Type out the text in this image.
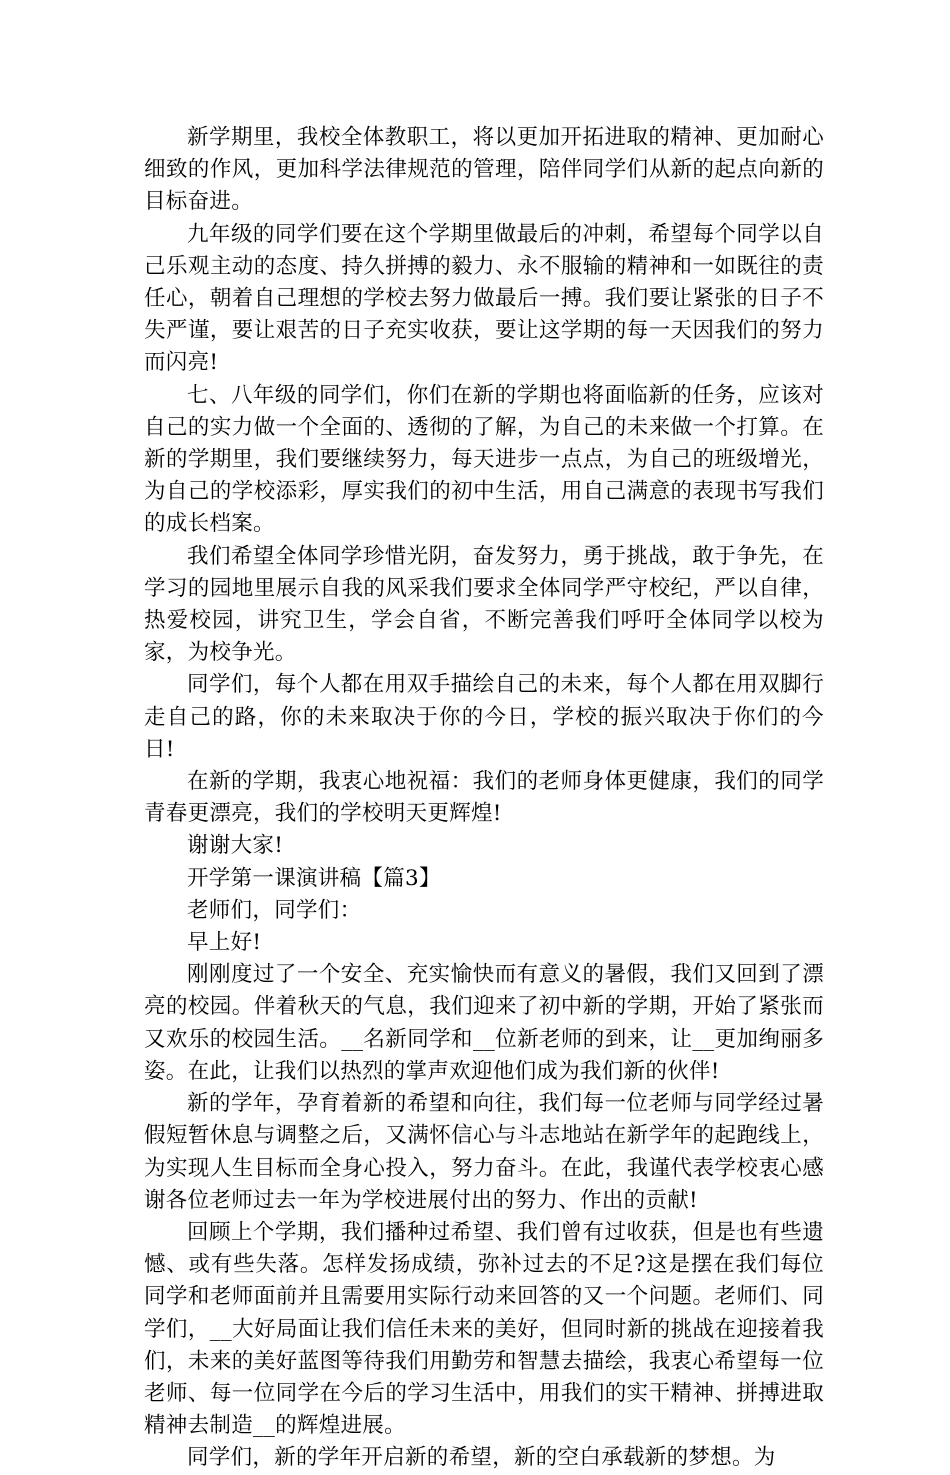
新学期里，我校全体教职工，将以更加开拓进取的精神、更加耐心细致的作风，更加科学法律规范的管理，陪伴同学们从新的起点向新的目标奋进。

九年级的同学们要在这个学期里做最后的冲刺，希望每个同学以自己乐观主动的态度、持久拼搏的毅力、永不服输的精神和一如既往的责任心，朝着自己理想的学校去努力做最后一搏。我们要让紧张的日子不失严谨，要让艰苦的日子充实收获，要让这学期的每一天因我们的努力而闪亮!

七、八年级的同学们，你们在新的学期也将面临新的任务，应该对自己的实力做一个全面的、透彻的了解，为自己的未来做一个打算。在新的学期里，我们要继续努力，每天进步一点点，为自己的班级增光，为自己的学校添彩，厚实我们的初中生活，用自己满意的表现书写我们的成长档案。

我们希望全体同学珍惜光阴，奋发努力，勇于挑战，敢于争先，在学习的园地里展示自我的风采我们要求全体同学严守校纪，严以自律，热爱校园，讲究卫生，学会自省，不断完善我们呼吁全体同学以校为家，为校争光。

同学们，每个人都在用双手描绘自己的未来，每个人都在用双脚行走自己的路，你的未来取决于你的今日，学校的振兴取决于你们的今日!

在新的学期，我衷心地祝福：我们的老师身体更健康，我们的同学青春更漂亮，我们的学校明天更辉煌!

谢谢大家!

开学第一课演讲稿【篇3】

老师们，同学们：

早上好!

刚刚度过了一个安全、充实愉快而有意义的暑假，我们又回到了漂亮的校园。伴着秋天的气息，我们迎来了初中新的学期，开始了紧张而又欢乐的校园生活。__名新同学和__位新老师的到来，让__更加绚丽多姿。在此，让我们以热烈的掌声欢迎他们成为我们新的伙伴!

新的学年，孕育着新的希望和向往，我们每一位老师与同学经过暑假短暂休息与调整之后，又满怀信心与斗志地站在新学年的起跑线上，为实现人生目标而全身心投入，努力奋斗。在此，我谨代表学校衷心感谢各位老师过去一年为学校进展付出的努力、作出的贡献!

回顾上个学期，我们播种过希望、我们曾有过收获，但是也有些遗憾、或有些失落。怎样发扬成绩，弥补过去的不足?这是摆在我们每位同学和老师面前并且需要用实际行动来回答的又一个问题。老师们、同学们，__大好局面让我们信任未来的美好，但同时新的挑战在迎接着我们，未来的美好蓝图等待我们用勤劳和智慧去描绘，我衷心希望每一位老师、每一位同学在今后的学习生活中，用我们的实干精神、拼搏进取精神去制造__的辉煌进展。

同学们，新的学年开启新的希望，新的空白承载新的梦想。为
